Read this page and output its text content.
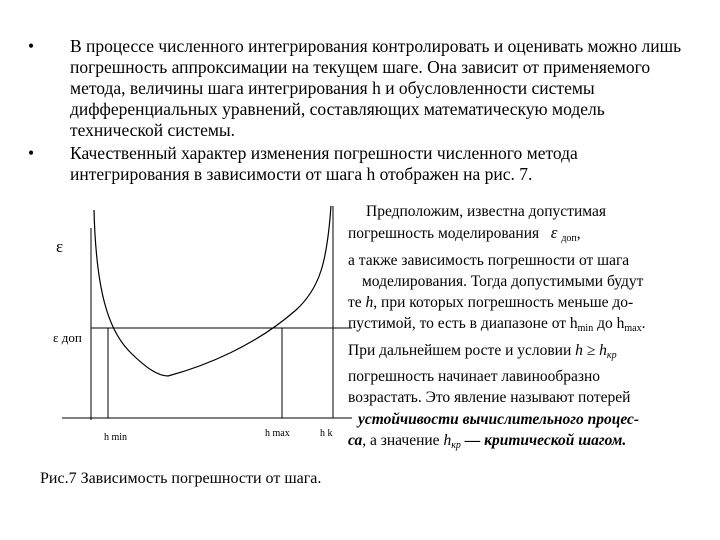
• В процессе численного интегрирования контролировать и оценивать можно лишь погрешность аппроксимации на текущем шаге. Она зависит от применяемого метода, величины шага интегрирования h и обусловленности системы дифференциальных уравнений, составляющих математическую модель технической системы.
• Качественный характер изменения погрешности численного метода интегрирования в зависимости от шага h отображен на рис. 7.
ε
ε доп
h min	h max	h k
Рис.7 Зависимость погрешности от шага.

Предположим, известна допустимая

погрешность моделирования ε $_{доп}$,

а также зависимость погрешности от шага

моделирования. Тогда допустимыми будут

те h, при которых погрешность меньше до-

пустимой, то есть в диапазоне от $h_{min}$ до $h_{max}$.

При дальнейшем росте и условии $h \ge h_{кр}$

погрешность начинает лавинообразно

возрастать. Это явление называют потерей

устойчивости вычислительного процес-

са, а значение $h_{кр}$ — критической шагом.
